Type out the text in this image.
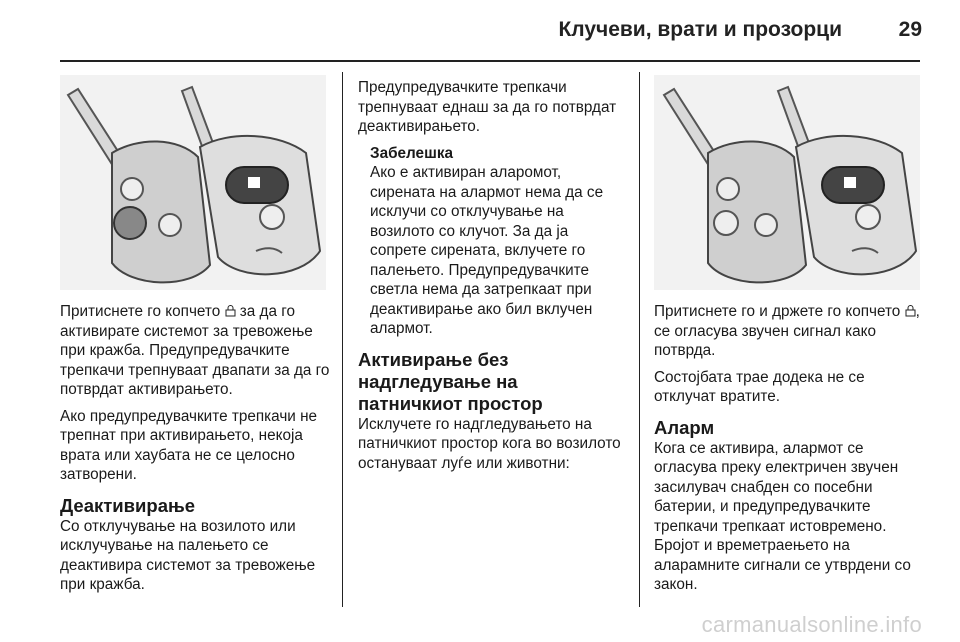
Клучеви, врати и прозорци	29

Притиснете го копчето  за да го активирате системот за тревожење при кражба. Предупредувачките трепкачи трепнуваат двапати за да го потврдат активирањето.

Ако предупредувачките трепкачи не трепнат при активирањето, некоја врата или хаубата не се целосно затворени.

Деактивирање

Со отклучување на возилото или исклучување на палењето се деактивира системот за тревожење при кражба.

Предупредувачките трепкачи трепнуваат еднаш за да го потврдат деактивирањето.

Забелешка

Ако е активиран аларомот, сирената на алармот нема да се исклучи со отклучување на возилото со клучот. За да ја сопрете сирената, вклучете го палењето. Предупредувачките светла нема да затрепкаат при деактивирање ако бил вклучен алармот.

Активирање без надгледување на патничкиот простор

Исклучете го надгледувањето на патничкиот простор кога во возилото остануваат луѓе или животни:

Притиснете го и држете го копчето , се огласува звучен сигнал како потврда.

Состојбата трае додека не се отклучат вратите.

Аларм

Кога се активира, алармот се огласува преку електричен звучен засилувач снабден со посебни батерии, и предупредувачките трепкачи трепкаат истовремено. Бројот и времетраењето на аларамните сигнали се утврдени со закон.

carmanualsonline.info
